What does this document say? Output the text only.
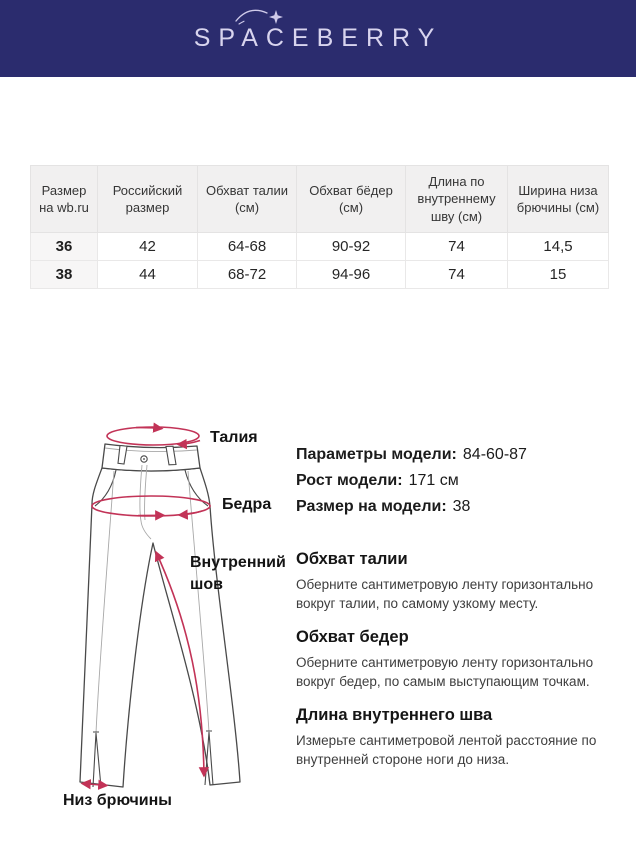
SPACEBERRY
Размер на wb.ru	Российский размер	Обхват талии (см)	Обхват бёдер (см)	Длина по внутреннему шву (см)	Ширина низа брючины (см)
36	42	64-68	90-92	74	14,5
38	44	68-72	94-96	74	15
Талия
Бедра
Внутренний шов
Низ брючины
Параметры модели: 84-60-87
Рост модели: 171 см
Размер на модели: 38
Обхват талии

Оберните сантиметровую ленту горизонтально вокруг талии, по самому узкому месту.

Обхват бедер

Оберните сантиметровую ленту горизонтально вокруг бедер, по самым выступающим точкам.

Длина внутреннего шва

Измерьте сантиметровой лентой расстояние по внутренней стороне ноги до низа.
